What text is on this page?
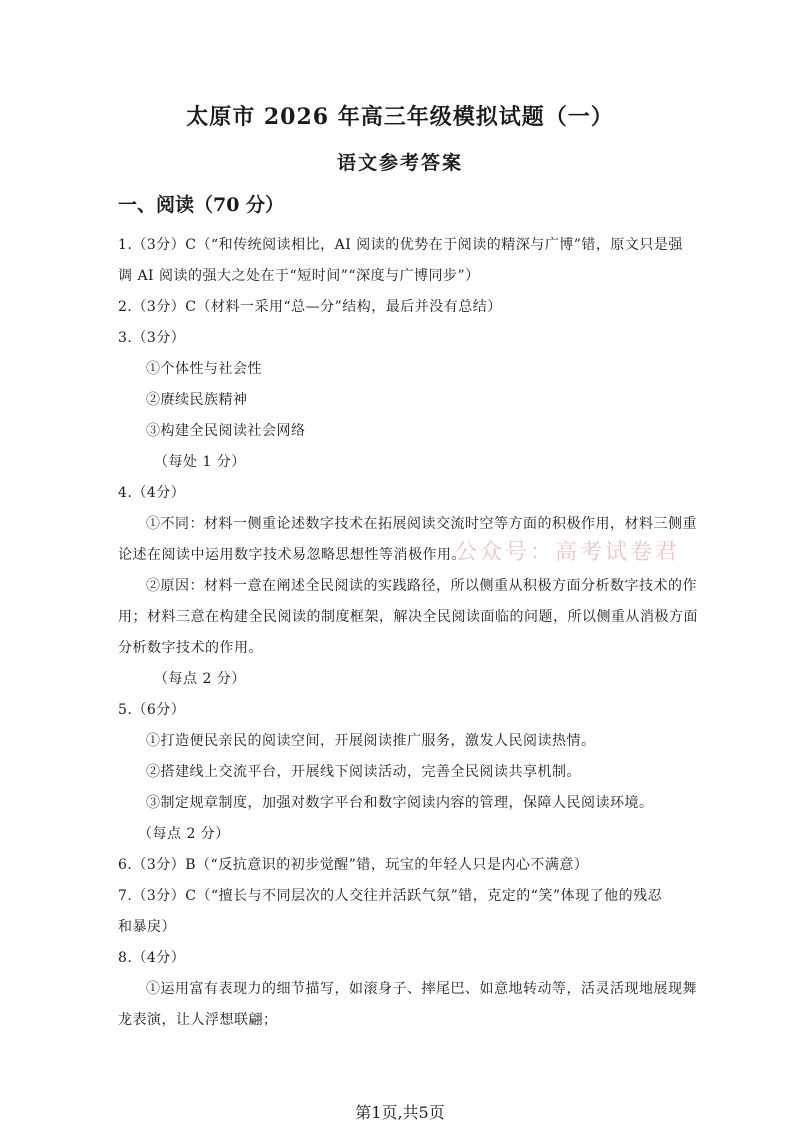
太原市 2026 年高三年级模拟试题（一）
语文参考答案
一、阅读（70 分）

1.（3分）C（“和传统阅读相比，AI 阅读的优势在于阅读的精深与广博”错，原文只是强

调 AI 阅读的强大之处在于“短时间”“深度与广博同步”）

2.（3分）C（材料一采用“总—分”结构，最后并没有总结）

3.（3分）

①个体性与社会性

②赓续民族精神

③构建全民阅读社会网络

（每处 1 分）

4.（4分）

①不同：材料一侧重论述数字技术在拓展阅读交流时空等方面的积极作用，材料三侧重

论述在阅读中运用数字技术易忽略思想性等消极作用。

②原因：材料一意在阐述全民阅读的实践路径，所以侧重从积极方面分析数字技术的作

用；材料三意在构建全民阅读的制度框架，解决全民阅读面临的问题，所以侧重从消极方面

分析数字技术的作用。

（每点 2 分）

5.（6分）

①打造便民亲民的阅读空间，开展阅读推广服务，激发人民阅读热情。

②搭建线上交流平台，开展线下阅读活动，完善全民阅读共享机制。

③制定规章制度，加强对数字平台和数字阅读内容的管理，保障人民阅读环境。

（每点 2 分）

6.（3分）B（“反抗意识的初步觉醒”错，玩宝的年轻人只是内心不满意）

7.（3分）C（“擅长与不同层次的人交往并活跃气氛”错，克定的“笑”体现了他的残忍

和暴戾）

8.（4分）

①运用富有表现力的细节描写，如滚身子、摔尾巴、如意地转动等，活灵活现地展现舞

龙表演，让人浮想联翩；

公众号：高考试卷君
第1页,共5页
